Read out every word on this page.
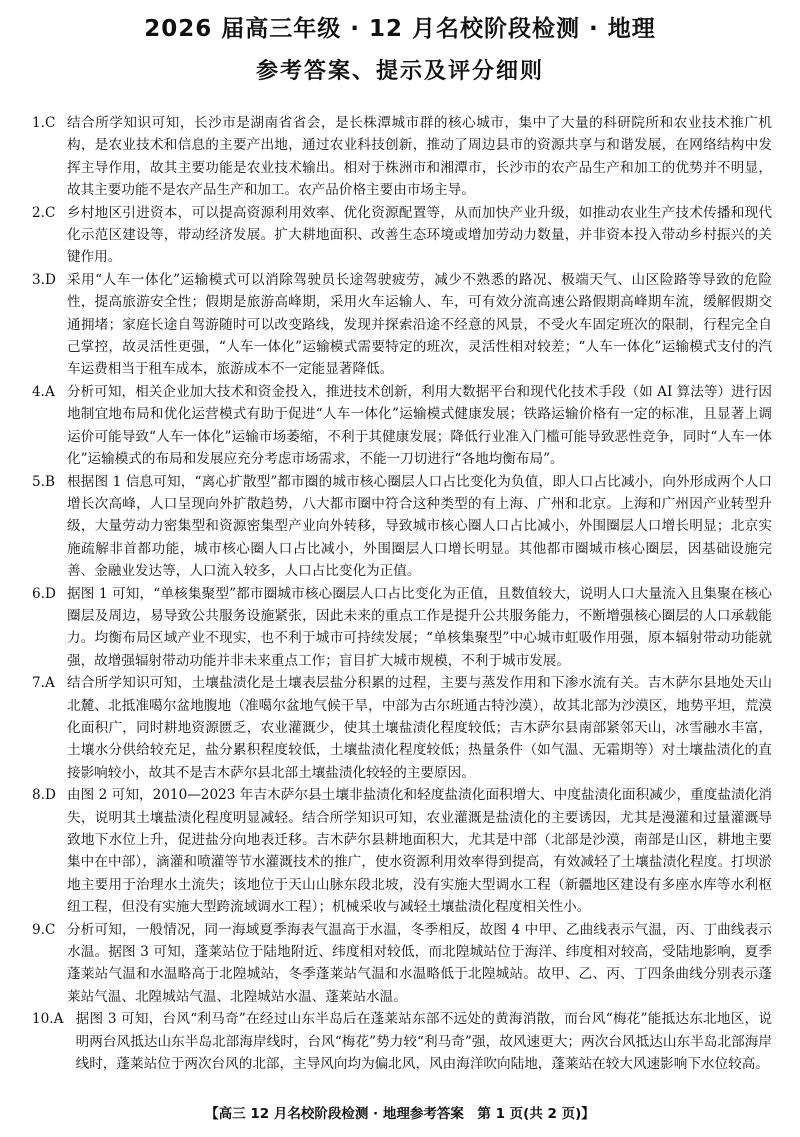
2026 届高三年级 · 12 月名校阶段检测 · 地理
参考答案、提示及评分细则
1. C 结合所学知识可知，长沙市是湖南省省会，是长株潭城市群的核心城市，集中了大量的科研院所和农业技术推广机构，是农业技术和信息的主要产出地，通过农业科技创新，推动了周边县市的资源共享与和谐发展，在网络结构中发挥主导作用，故其主要功能是农业技术输出。相对于株洲市和湘潭市，长沙市的农产品生产和加工的优势并不明显，故其主要功能不是农产品生产和加工。农产品价格主要由市场主导。
2. C 乡村地区引进资本，可以提高资源利用效率、优化资源配置等，从而加快产业升级，如推动农业生产技术传播和现代化示范区建设等，带动经济发展。扩大耕地面积、改善生态环境或增加劳动力数量，并非资本投入带动乡村振兴的关键作用。
3. D 采用“人车一体化”运输模式可以消除驾驶员长途驾驶疲劳，减少不熟悉的路况、极端天气、山区险路等导致的危险性，提高旅游安全性；假期是旅游高峰期，采用火车运输人、车，可有效分流高速公路假期高峰期车流，缓解假期交通拥堵；家庭长途自驾游随时可以改变路线，发现并探索沿途不经意的风景，不受火车固定班次的限制，行程完全自己掌控，故灵活性更强，“人车一体化”运输模式需要特定的班次，灵活性相对较差；“人车一体化”运输模式支付的汽车运费相当于租车成本，旅游成本不一定能显著降低。
4. A 分析可知，相关企业加大技术和资金投入，推进技术创新，利用大数据平台和现代化技术手段（如 AI 算法等）进行因地制宜地布局和优化运营模式有助于促进“人车一体化”运输模式健康发展；铁路运输价格有一定的标准，且显著上调运价可能导致“人车一体化”运输市场萎缩，不利于其健康发展；降低行业准入门槛可能导致恶性竞争，同时“人车一体化”运输模式的布局和发展应充分考虑市场需求，不能一刀切进行“各地均衡布局”。
5. B 根据图 1 信息可知，“离心扩散型”都市圈的城市核心圈层人口占比变化为负值，即人口占比减小，向外形成两个人口增长次高峰，人口呈现向外扩散趋势，八大都市圈中符合这种类型的有上海、广州和北京。上海和广州因产业转型升级，大量劳动力密集型和资源密集型产业向外转移，导致城市核心圈人口占比减小，外围圈层人口增长明显；北京实施疏解非首都功能，城市核心圈人口占比减小，外围圈层人口增长明显。其他都市圈城市核心圈层，因基础设施完善、金融业发达等，人口流入较多，人口占比变化为正值。
6. D 据图 1 可知，“单核集聚型”都市圈城市核心圈层人口占比变化为正值，且数值较大，说明人口大量流入且集聚在核心圈层及周边，易导致公共服务设施紧张，因此未来的重点工作是提升公共服务能力，不断增强核心圈层的人口承载能力。均衡布局区域产业不现实，也不利于城市可持续发展；“单核集聚型”中心城市虹吸作用强，原本辐射带动功能就强，故增强辐射带动功能并非未来重点工作；盲目扩大城市规模，不利于城市发展。
7. A 结合所学知识可知，土壤盐渍化是土壤表层盐分积累的过程，主要与蒸发作用和下渗水流有关。吉木萨尔县地处天山北麓、北抵准噶尔盆地腹地（准噶尔盆地气候干旱，中部为古尔班通古特沙漠），故其北部为沙漠区，地势平坦，荒漠化面积广，同时耕地资源匮乏，农业灌溉少，使其土壤盐渍化程度较低；吉木萨尔县南部紧邻天山，冰雪融水丰富，土壤水分供给较充足，盐分累积程度较低，土壤盐渍化程度较低；热量条件（如气温、无霜期等）对土壤盐渍化的直接影响较小，故其不是吉木萨尔县北部土壤盐渍化较轻的主要原因。
8. D 由图 2 可知，2010—2023 年吉木萨尔县土壤非盐渍化和轻度盐渍化面积增大、中度盐渍化面积减少，重度盐渍化消失，说明其土壤盐渍化程度明显减轻。结合所学知识可知，农业灌溉是盐渍化的主要诱因，尤其是漫灌和过量灌溉导致地下水位上升，促进盐分向地表迁移。吉木萨尔县耕地面积大，尤其是中部（北部是沙漠，南部是山区，耕地主要集中在中部），滴灌和喷灌等节水灌溉技术的推广，使水资源利用效率得到提高，有效减轻了土壤盐渍化程度。打坝淤地主要用于治理水土流失；该地位于天山山脉东段北坡，没有实施大型调水工程（新疆地区建设有多座水库等水利枢纽工程，但没有实施大型跨流域调水工程）；机械采收与减轻土壤盐渍化程度相关性小。
9. C 分析可知，一般情况，同一海域夏季海表气温高于水温，冬季相反，故图 4 中甲、乙曲线表示气温，丙、丁曲线表示水温。据图 3 可知，蓬莱站位于陆地附近、纬度相对较低，而北隍城站位于海洋、纬度相对较高，受陆地影响，夏季蓬莱站气温和水温略高于北隍城站，冬季蓬莱站气温和水温略低于北隍城站。故甲、乙、丙、丁四条曲线分别表示蓬莱站气温、北隍城站气温、北隍城站水温、蓬莱站水温。
10. A 据图 3 可知，台风“利马奇”在经过山东半岛后在蓬莱站东部不远处的黄海消散，而台风“梅花”能抵达东北地区，说明两台风抵达山东半岛北部海岸线时，台风“梅花”势力较“利马奇”强，故风速更大；两次台风抵达山东半岛北部海岸线时，蓬莱站位于两次台风的北部，主导风向均为偏北风，风由海洋吹向陆地，蓬莱站在较大风速影响下水位较高。
【高三 12 月名校阶段检测 · 地理参考答案　第 1 页(共 2 页)】
